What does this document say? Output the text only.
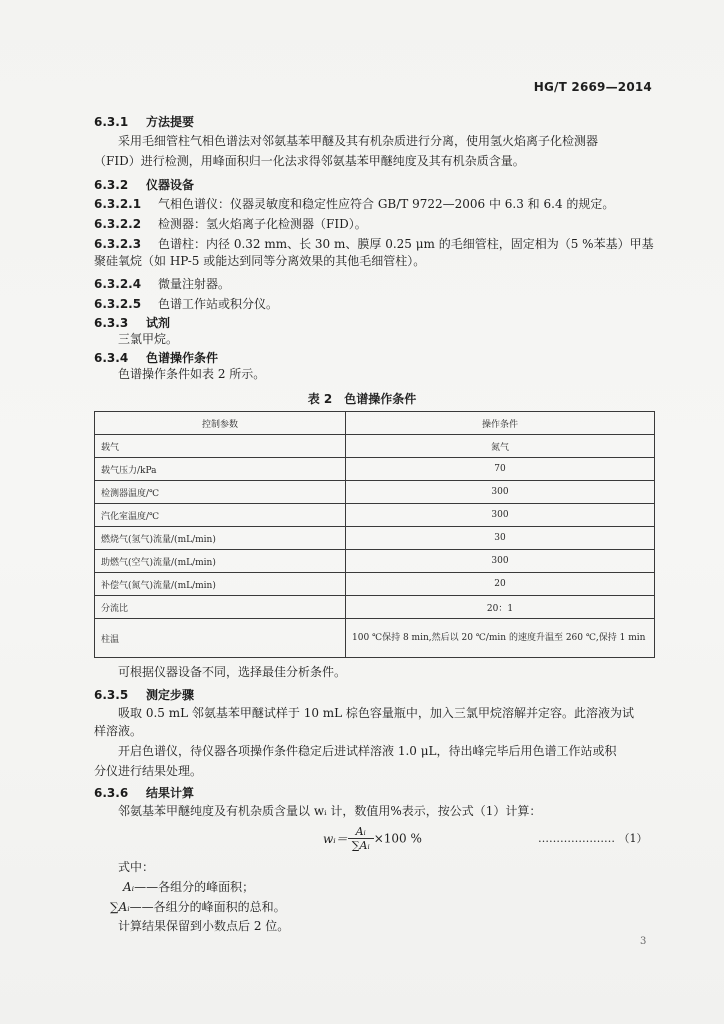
HG/T 2669—2014
6.3.1 方法提要
采用毛细管柱气相色谱法对邻氨基苯甲醚及其有机杂质进行分离，使用氢火焰离子化检测器
（FID）进行检测，用峰面积归一化法求得邻氨基苯甲醚纯度及其有机杂质含量。
6.3.2 仪器设备
6.3.2.1 气相色谱仪：仪器灵敏度和稳定性应符合 GB/T 9722—2006 中 6.3 和 6.4 的规定。
6.3.2.2 检测器：氢火焰离子化检测器（FID）。
6.3.2.3 色谱柱：内径 0.32 mm、长 30 m、膜厚 0.25 μm 的毛细管柱，固定相为（5 %苯基）甲基
聚硅氧烷（如 HP-5 或能达到同等分离效果的其他毛细管柱）。
6.3.2.4 微量注射器。
6.3.2.5 色谱工作站或积分仪。
6.3.3 试剂
三氯甲烷。
6.3.4 色谱操作条件
色谱操作条件如表 2 所示。
表 2　色谱操作条件
控制参数	操作条件
载气	氮气
载气压力/kPa	70
检测器温度/℃	300
汽化室温度/℃	300
燃烧气(氢气)流量/(mL/min)	30
助燃气(空气)流量/(mL/min)	300
补偿气(氮气)流量/(mL/min)	20
分流比	20：1
柱温	100 ℃保持 8 min,然后以 20 ℃/min 的速度升温至 260 ℃,保持 1 min
可根据仪器设备不同，选择最佳分析条件。
6.3.5 测定步骤
吸取 0.5 mL 邻氨基苯甲醚试样于 10 mL 棕色容量瓶中，加入三氯甲烷溶解并定容。此溶液为试
样溶液。
开启色谱仪，待仪器各项操作条件稳定后进试样溶液 1.0 μL，待出峰完毕后用色谱工作站或积
分仪进行结果处理。
6.3.6 结果计算
邻氨基苯甲醚纯度及有机杂质含量以 wᵢ 计，数值用%表示，按公式（1）计算：
wᵢ＝ $\frac{\text{Aᵢ}}{\text{∑Aᵢ}} \times 100$ %	………………… （1）
式中：
Aᵢ——各组分的峰面积；
∑Aᵢ——各组分的峰面积的总和。
计算结果保留到小数点后 2 位。
3
